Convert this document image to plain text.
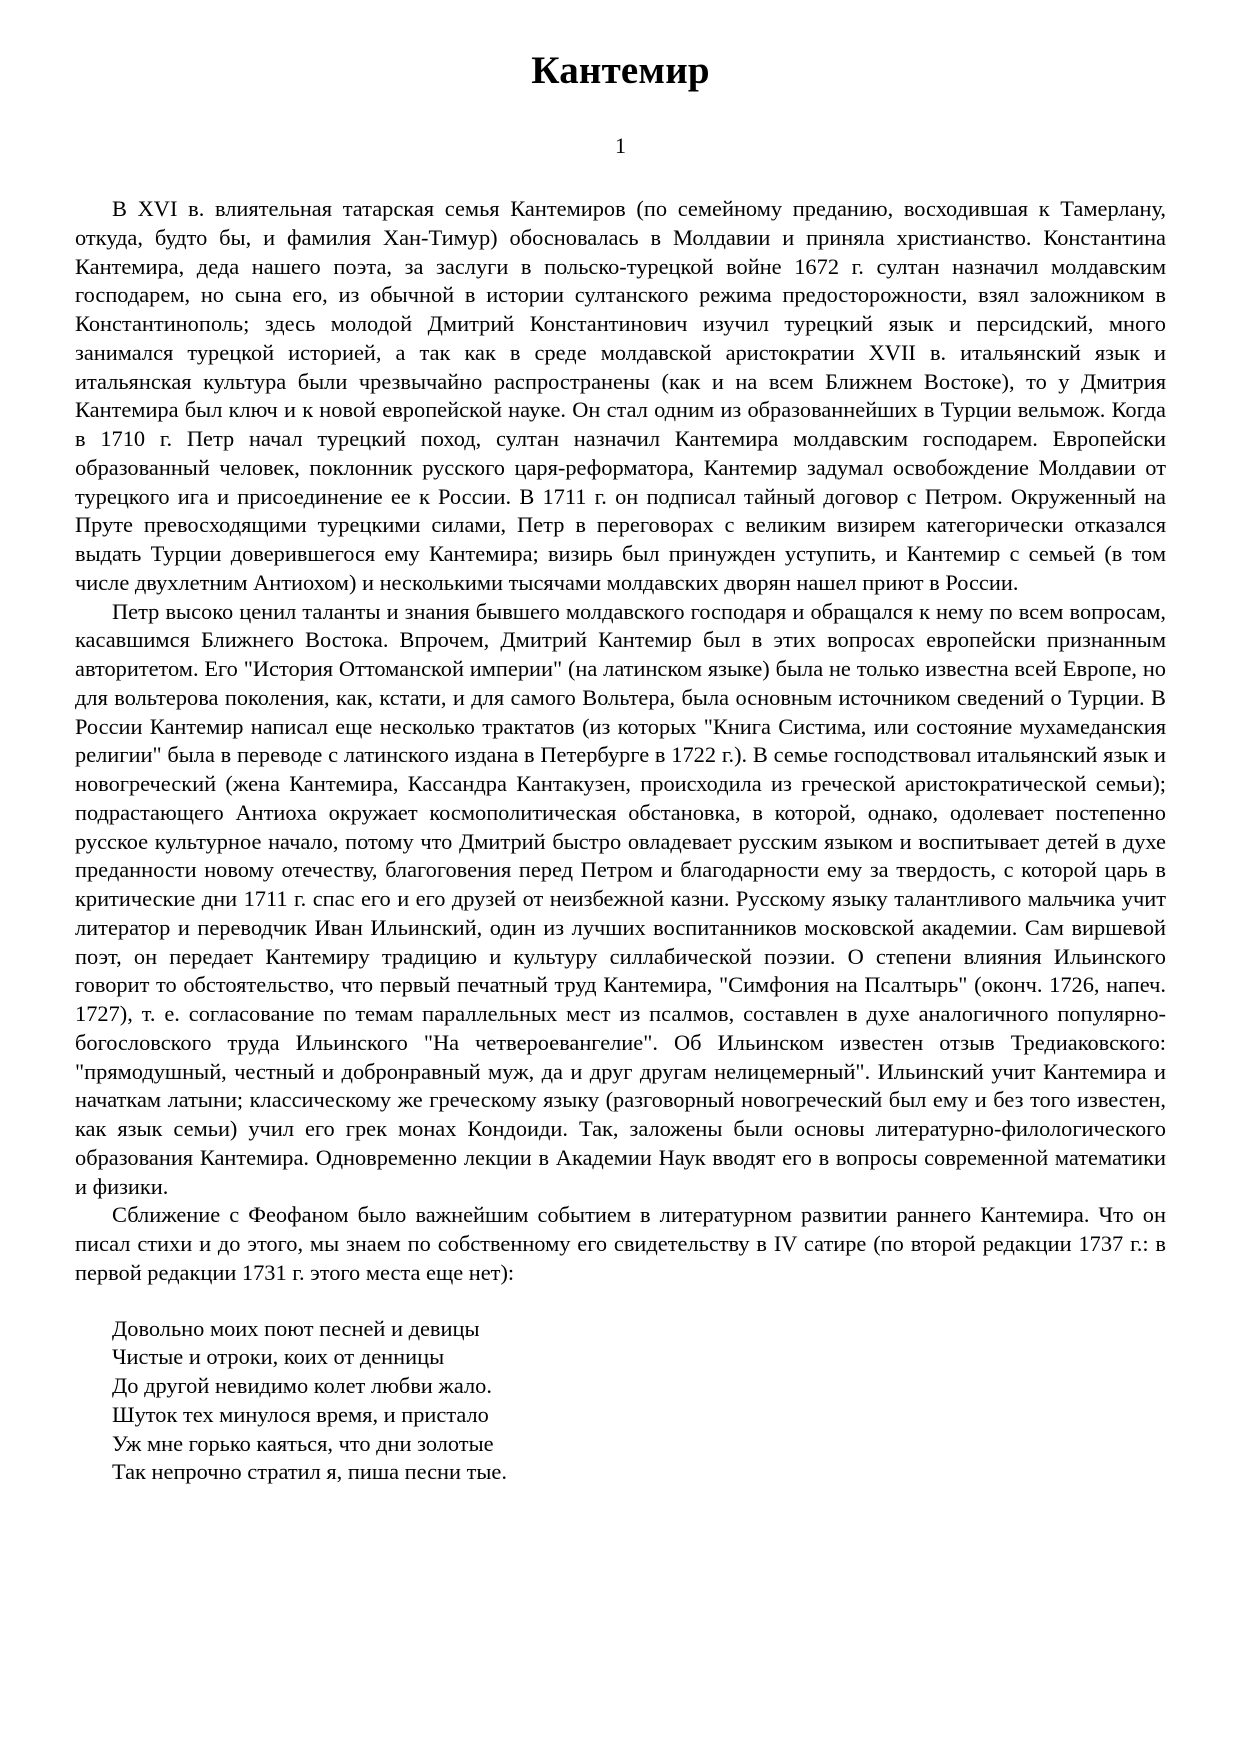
Кантемир
1

В XVI в. влиятельная татарская семья Кантемиров (по семейному преданию, восходившая к Тамерлану, откуда, будто бы, и фамилия Хан-Тимур) обосновалась в Молдавии и приняла христианство. Константина Кантемира, деда нашего поэта, за заслуги в польско-турецкой войне 1672 г. султан назначил молдавским господарем, но сына его, из обычной в истории султанского режима предосторожности, взял заложником в Константинополь; здесь молодой Дмитрий Константинович изучил турецкий язык и персидский, много занимался турецкой историей, а так как в среде молдавской аристократии XVII в. итальянский язык и итальянская культура были чрезвычайно распространены (как и на всем Ближнем Востоке), то у Дмитрия Кантемира был ключ и к новой европейской науке. Он стал одним из образованнейших в Турции вельмож. Когда в 1710 г. Петр начал турецкий поход, султан назначил Кантемира молдавским господарем. Европейски образованный человек, поклонник русского царя-реформатора, Кантемир задумал освобождение Молдавии от турецкого ига и присоединение ее к России. В 1711 г. он подписал тайный договор с Петром. Окруженный на Пруте превосходящими турецкими силами, Петр в переговорах с великим визирем категорически отказался выдать Турции доверившегося ему Кантемира; визирь был принужден уступить, и Кантемир с семьей (в том числе двухлетним Антиохом) и несколькими тысячами молдавских дворян нашел приют в России.

Петр высоко ценил таланты и знания бывшего молдавского господаря и обращался к нему по всем вопросам, касавшимся Ближнего Востока. Впрочем, Дмитрий Кантемир был в этих вопросах европейски признанным авторитетом. Его "История Оттоманской империи" (на латинском языке) была не только известна всей Европе, но для вольтерова поколения, как, кстати, и для самого Вольтера, была основным источником сведений о Турции. В России Кантемир написал еще несколько трактатов (из которых "Книга Систима, или состояние мухамеданския религии" была в переводе с латинского издана в Петербурге в 1722 г.). В семье господствовал итальянский язык и новогреческий (жена Кантемира, Кассандра Кантакузен, происходила из греческой аристократической семьи); подрастающего Антиоха окружает космополитическая обстановка, в которой, однако, одолевает постепенно русское культурное начало, потому что Дмитрий быстро овладевает русским языком и воспитывает детей в духе преданности новому отечеству, благоговения перед Петром и благодарности ему за твердость, с которой царь в критические дни 1711 г. спас его и его друзей от неизбежной казни. Русскому языку талантливого мальчика учит литератор и переводчик Иван Ильинский, один из лучших воспитанников московской академии. Сам виршевой поэт, он передает Кантемиру традицию и культуру силлабической поэзии. О степени влияния Ильинского говорит то обстоятельство, что первый печатный труд Кантемира, "Симфония на Псалтырь" (оконч. 1726, напеч. 1727), т. е. согласование по темам параллельных мест из псалмов, составлен в духе аналогичного популярно-богословского труда Ильинского "На четвероевангелие". Об Ильинском известен отзыв Тредиаковского: "прямодушный, честный и добронравный муж, да и друг другам нелицемерный". Ильинский учит Кантемира и начаткам латыни; классическому же греческому языку (разговорный новогреческий был ему и без того известен, как язык семьи) учил его грек монах Кондоиди. Так, заложены были основы литературно-филологического образования Кантемира. Одновременно лекции в Академии Наук вводят его в вопросы современной математики и физики.

Сближение с Феофаном было важнейшим событием в литературном развитии раннего Кантемира. Что он писал стихи и до этого, мы знаем по собственному его свидетельству в IV сатире (по второй редакции 1737 г.: в первой редакции 1731 г. этого места еще нет):

Довольно моих поют песней и девицы

Чистые и отроки, коих от денницы

До другой невидимо колет любви жало.

Шуток тех минулося время, и пристало

Уж мне горько каяться, что дни золотые

Так непрочно стратил я, пиша песни тые.
